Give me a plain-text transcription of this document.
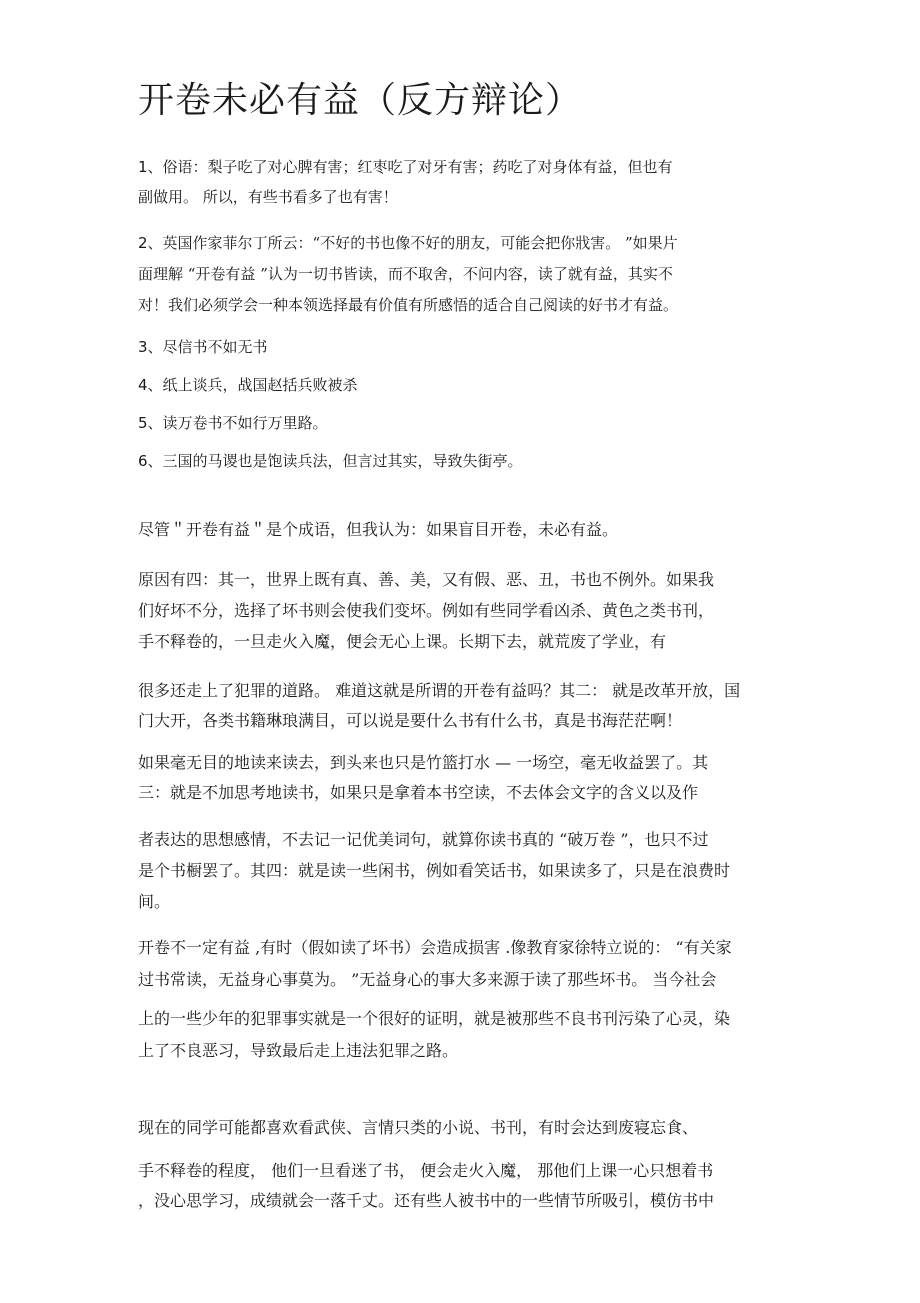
开卷未必有益（反方辩论）
1、俗语：梨子吃了对心脾有害；红枣吃了对牙有害；药吃了对身体有益，但也有
副做用。 所以，有些书看多了也有害！
2、英国作家菲尔丁所云：“不好的书也像不好的朋友，可能会把你戕害。 ”如果片
面理解 “开卷有益 ”认为一切书皆读，而不取舍，不问内容，读了就有益，其实不
对！我们必须学会一种本领选择最有价值有所感悟的适合自己阅读的好书才有益。
3、尽信书不如无书
4、纸上谈兵，战国赵括兵败被杀
5、读万卷书不如行万里路。
6、三国的马谡也是饱读兵法，但言过其实，导致失街亭。
尽管＂开卷有益＂是个成语，但我认为：如果盲目开卷，未必有益。
原因有四：其一，世界上既有真、善、美，又有假、恶、丑，书也不例外。如果我
们好坏不分，选择了坏书则会使我们变坏。例如有些同学看凶杀、黄色之类书刊，
手不释卷的，一旦走火入魔，便会无心上课。长期下去，就荒废了学业，有
很多还走上了犯罪的道路。 难道这就是所谓的开卷有益吗？其二： 就是改革开放，国
门大开，各类书籍琳琅满目，可以说是要什么书有什么书，真是书海茫茫啊！
如果毫无目的地读来读去，到头来也只是竹篮打水 — 一场空，毫无收益罢了。其
三：就是不加思考地读书，如果只是拿着本书空读，不去体会文字的含义以及作
者表达的思想感情，不去记一记优美词句，就算你读书真的 “破万卷 ”，也只不过
是个书橱罢了。其四：就是读一些闲书，例如看笑话书，如果读多了，只是在浪费时
间。
开卷不一定有益 ,有时（假如读了坏书）会造成损害 .像教育家徐特立说的： “有关家
过书常读，无益身心事莫为。 ”无益身心的事大多来源于读了那些坏书。 当今社会
上的一些少年的犯罪事实就是一个很好的证明，就是被那些不良书刊污染了心灵，染
上了不良恶习，导致最后走上违法犯罪之路。
现在的同学可能都喜欢看武侠、言情只类的小说、书刊，有时会达到废寝忘食、
手不释卷的程度， 他们一旦看迷了书， 便会走火入魔， 那他们上课一心只想着书
，没心思学习，成绩就会一落千丈。还有些人被书中的一些情节所吸引，模仿书中
